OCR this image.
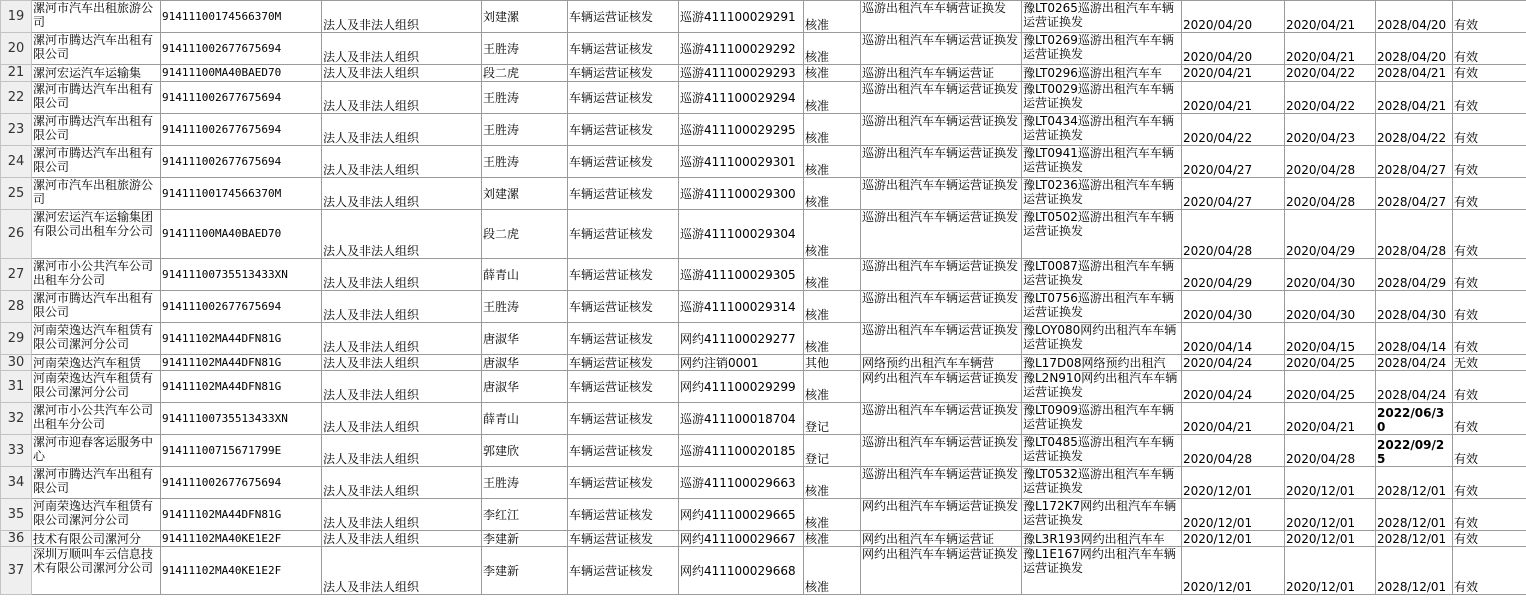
19	漯河市汽车出租旅游公司	91411100174566370M	法人及非法人组织	刘建漯	车辆运营证核发	巡游411100029291	核准	巡游出租汽车车辆营证换发	豫LT0265巡游出租汽车车辆运营证换发	2020/04/20	2020/04/21	2028/04/20	有效
20	漯河市腾达汽车出租有限公司	914111002677675694	法人及非法人组织	王胜涛	车辆运营证核发	巡游411100029292	核准	巡游出租汽车车辆运营证换发	豫LT0269巡游出租汽车车辆运营证换发	2020/04/20	2020/04/21	2028/04/20	有效
21	漯河宏运汽车运输集	91411100MA40BAED70	法人及非法人组织	段二虎	车辆运营证核发	巡游411100029293	核准	巡游出租汽车车辆运营证	豫LT0296巡游出租汽车车	2020/04/21	2020/04/22	2028/04/21	有效
22	漯河市腾达汽车出租有限公司	914111002677675694	法人及非法人组织	王胜涛	车辆运营证核发	巡游411100029294	核准	巡游出租汽车车辆运营证换发	豫LT0029巡游出租汽车车辆运营证换发	2020/04/21	2020/04/22	2028/04/21	有效
23	漯河市腾达汽车出租有限公司	914111002677675694	法人及非法人组织	王胜涛	车辆运营证核发	巡游411100029295	核准	巡游出租汽车车辆运营证换发	豫LT0434巡游出租汽车车辆运营证换发	2020/04/22	2020/04/23	2028/04/22	有效
24	漯河市腾达汽车出租有限公司	914111002677675694	法人及非法人组织	王胜涛	车辆运营证核发	巡游411100029301	核准	巡游出租汽车车辆运营证换发	豫LT0941巡游出租汽车车辆运营证换发	2020/04/27	2020/04/28	2028/04/27	有效
25	漯河市汽车出租旅游公司	91411100174566370M	法人及非法人组织	刘建漯	车辆运营证核发	巡游411100029300	核准	巡游出租汽车车辆运营证换发	豫LT0236巡游出租汽车车辆运营证换发	2020/04/27	2020/04/28	2028/04/27	有效
26	漯河宏运汽车运输集团有限公司出租车分公司	91411100MA40BAED70	法人及非法人组织	段二虎	车辆运营证核发	巡游411100029304	核准	巡游出租汽车车辆运营证换发	豫LT0502巡游出租汽车车辆运营证换发	2020/04/28	2020/04/29	2028/04/28	有效
27	漯河市小公共汽车公司出租车分公司	91411100735513433XN	法人及非法人组织	薛青山	车辆运营证核发	巡游411100029305	核准	巡游出租汽车车辆运营证换发	豫LT0087巡游出租汽车车辆运营证换发	2020/04/29	2020/04/30	2028/04/29	有效
28	漯河市腾达汽车出租有限公司	914111002677675694	法人及非法人组织	王胜涛	车辆运营证核发	巡游411100029314	核准	巡游出租汽车车辆运营证换发	豫LT0756巡游出租汽车车辆运营证换发	2020/04/30	2020/04/30	2028/04/30	有效
29	河南荣逸达汽车租赁有限公司漯河分公司	91411102MA44DFN81G	法人及非法人组织	唐淑华	车辆运营证核发	网约411100029277	核准	巡游出租汽车车辆运营证换发	豫LOY080网约出租汽车车辆运营证换发	2020/04/14	2020/04/15	2028/04/14	有效
30	河南荣逸达汽车租赁	91411102MA44DFN81G	法人及非法人组织	唐淑华	车辆运营证核发	网约注销0001	其他	网络预约出租汽车车辆营	豫L17D08网络预约出租汽	2020/04/24	2020/04/25	2028/04/24	无效
31	河南荣逸达汽车租赁有限公司漯河分公司	91411102MA44DFN81G	法人及非法人组织	唐淑华	车辆运营证核发	网约411100029299	核准	网约出租汽车车辆运营证换发	豫L2N910网约出租汽车车辆运营证换发	2020/04/24	2020/04/25	2028/04/24	有效
32	漯河市小公共汽车公司出租车分公司	91411100735513433XN	法人及非法人组织	薛青山	车辆运营证核发	巡游411100018704	登记	巡游出租汽车车辆运营证换发	豫LT0909巡游出租汽车车辆运营证换发	2020/04/21	2020/04/21	2022/06/30	有效
33	漯河市迎春客运服务中心	91411100715671799E	法人及非法人组织	郭建欣	车辆运营证核发	巡游411100020185	登记	巡游出租汽车车辆运营证换发	豫LT0485巡游出租汽车车辆运营证换发	2020/04/28	2020/04/28	2022/09/25	有效
34	漯河市腾达汽车出租有限公司	914111002677675694	法人及非法人组织	王胜涛	车辆运营证核发	巡游411100029663	核准	巡游出租汽车车辆运营证换发	豫LT0532巡游出租汽车车辆运营证换发	2020/12/01	2020/12/01	2028/12/01	有效
35	河南荣逸达汽车租赁有限公司漯河分公司	91411102MA44DFN81G	法人及非法人组织	李红江	车辆运营证核发	网约411100029665	核准	网约出租汽车车辆运营证换发	豫L172K7网约出租汽车车辆运营证换发	2020/12/01	2020/12/01	2028/12/01	有效
36	技术有限公司漯河分	91411102MA40KE1E2F	法人及非法人组织	李建新	车辆运营证核发	网约411100029667	核准	网约出租汽车车辆运营证	豫L3R193网约出租汽车车	2020/12/01	2020/12/01	2028/12/01	有效
37	深圳万顺叫车云信息技术有限公司漯河分公司	91411102MA40KE1E2F	法人及非法人组织	李建新	车辆运营证核发	网约411100029668	核准	网约出租汽车车辆运营证换发	豫L1E167网约出租汽车车辆运营证换发	2020/12/01	2020/12/01	2028/12/01	有效
